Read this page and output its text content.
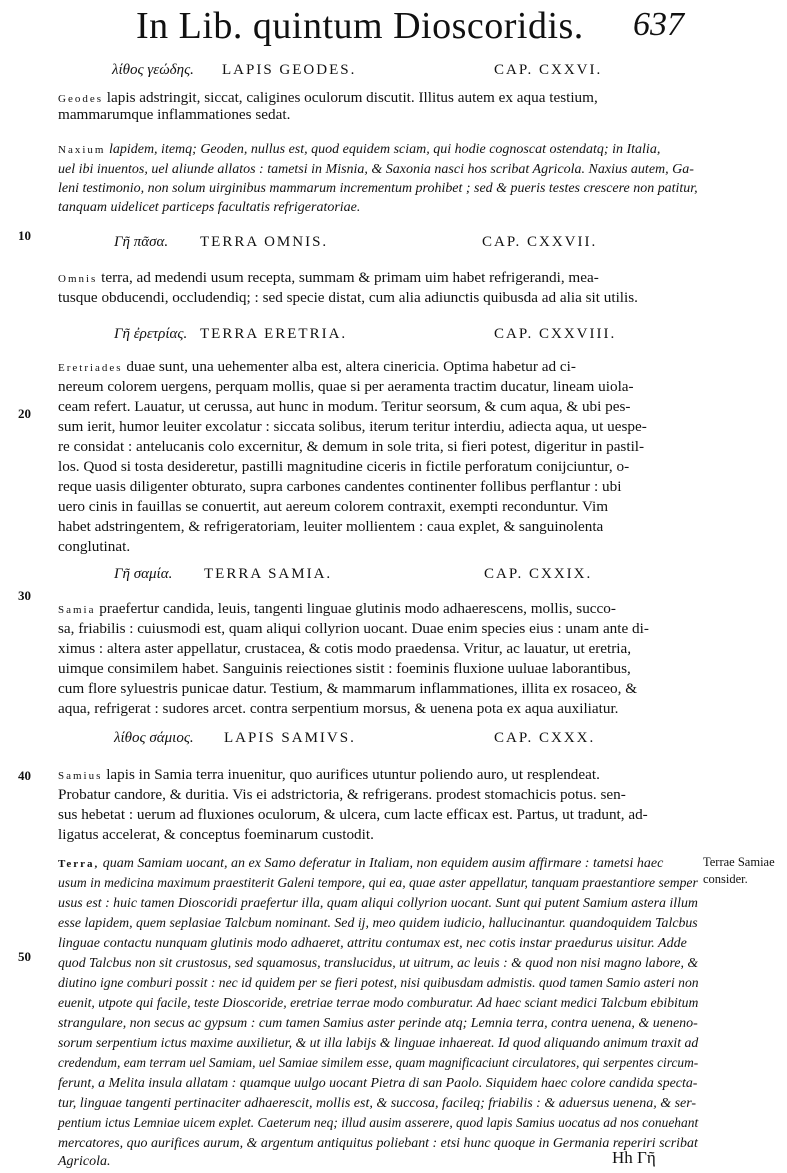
In Lib. quintum Dioscoridis. 637
10
20
30
40
50
λίθος γεώδης. LAPIS GEODES.	CAP. CXXVI.
Geodes lapis adstringit, siccat, caligines oculorum discutit. Illitus autem ex aqua testium,
mammarumque inflammationes sedat.
Naxium lapidem, itemq; Geoden, nullus est, quod equidem sciam, qui hodie cognoscat ostendatq; in Italia,
uel ibi inuentos, uel aliunde allatos : tametsi in Misnia, & Saxonia nasci hos scribat Agricola. Naxius autem, Ga-
leni testimonio, non solum uirginibus mammarum incrementum prohibet ; sed & pueris testes crescere non patitur,
tanquam uidelicet particeps facultatis refrigeratoriae.
Γῆ πᾶσα. TERRA OMNIS.	CAP. CXXVII.
Omnis terra, ad medendi usum recepta, summam & primam uim habet refrigerandi, mea-
tusque obducendi, occludendiq; : sed specie distat, cum alia adiunctis quibusda ad alia sit utilis.
Γῆ ἐρετρίας. TERRA ERETRIA.	CAP. CXXVIII.
Eretriades duae sunt, una uehementer alba est, altera cinericia. Optima habetur ad ci-
nereum colorem uergens, perquam mollis, quae si per aeramenta tractim ducatur, lineam uiola-
ceam refert. Lauatur, ut cerussa, aut hunc in modum. Teritur seorsum, & cum aqua, & ubi pes-
sum ierit, humor leuiter excolatur : siccata solibus, iterum teritur interdiu, adiecta aqua, ut uespe-
re considat : antelucanis colo excernitur, & demum in sole trita, si fieri potest, digeritur in pastil-
los. Quod si tosta desideretur, pastilli magnitudine ciceris in fictile perforatum conijciuntur, o-
reque uasis diligenter obturato, supra carbones candentes continenter follibus perflantur : ubi
uero cinis in fauillas se conuertit, aut aereum colorem contraxit, exempti reconduntur. Vim
habet adstringentem, & refrigeratoriam, leuiter mollientem : caua explet, & sanguinolenta
conglutinat.
Γῆ σαμία. TERRA SAMIA.	CAP. CXXIX.
Samia praefertur candida, leuis, tangenti linguae glutinis modo adhaerescens, mollis, succo-
sa, friabilis : cuiusmodi est, quam aliqui collyrion uocant. Duae enim species eius : unam ante di-
ximus : altera aster appellatur, crustacea, & cotis modo praedensa. Vritur, ac lauatur, ut eretria,
uimque consimilem habet. Sanguinis reiectiones sistit : foeminis fluxione uuluae laborantibus,
cum flore syluestris punicae datur. Testium, & mammarum inflammationes, illita ex rosaceo, &
aqua, refrigerat : sudores arcet. contra serpentium morsus, & uenena pota ex aqua auxiliatur.
λίθος σάμιος. LAPIS SAMIVS.	CAP. CXXX.
Samius lapis in Samia terra inuenitur, quo aurifices utuntur poliendo auro, ut resplendeat.
Probatur candore, & duritia. Vis ei adstrictoria, & refrigerans. prodest stomachicis potus. sen-
sus hebetat : uerum ad fluxiones oculorum, & ulcera, cum lacte efficax est. Partus, ut tradunt, ad-
ligatus accelerat, & conceptus foeminarum custodit.
Terra, quam Samiam uocant, an ex Samo deferatur in Italiam, non equidem ausim affirmare : tametsi haec
usum in medicina maximum praestiterit Galeni tempore, qui ea, quae aster appellatur, tanquam praestantiore semper
usus est : huic tamen Dioscoridi praefertur illa, quam aliqui collyrion uocant. Sunt qui putent Samium astera illum
esse lapidem, quem seplasiae Talcbum nominant. Sed ij, meo quidem iudicio, hallucinantur. quandoquidem Talcbus
linguae contactu nunquam glutinis modo adhaeret, attritu contumax est, nec cotis instar praedurus uisitur. Adde
quod Talcbus non sit crustosus, sed squamosus, translucidus, ut uitrum, ac leuis : & quod non nisi magno labore, &
diutino igne comburi possit : nec id quidem per se fieri potest, nisi quibusdam admistis. quod tamen Samio asteri non
euenit, utpote qui facile, teste Dioscoride, eretriae terrae modo comburatur. Ad haec sciant medici Talcbum ebibitum
strangulare, non secus ac gypsum : cum tamen Samius aster perinde atq; Lemnia terra, contra uenena, & ueneno-
sorum serpentium ictus maxime auxilietur, & ut illa labijs & linguae inhaereat. Id quod aliquando animum traxit ad
credendum, eam terram uel Samiam, uel Samiae similem esse, quam magnificaciunt circulatores, qui serpentes circum-
ferunt, a Melita insula allatam : quamque uulgo uocant Pietra di san Paolo. Siquidem haec colore candida specta-
tur, linguae tangenti pertinaciter adhaerescit, mollis est, & succosa, facileq; friabilis : & aduersus uenena, & ser-
pentium ictus Lemniae uicem explet. Caeterum neq; illud ausim asserere, quod lapis Samius uocatus ad nos conuehant
mercatores, quo aurifices aurum, & argentum antiquitus poliebant : etsi hunc quoque in Germania reperiri scribat
Agricola.
Terrae Samiae consider.
Hh Γῆ
